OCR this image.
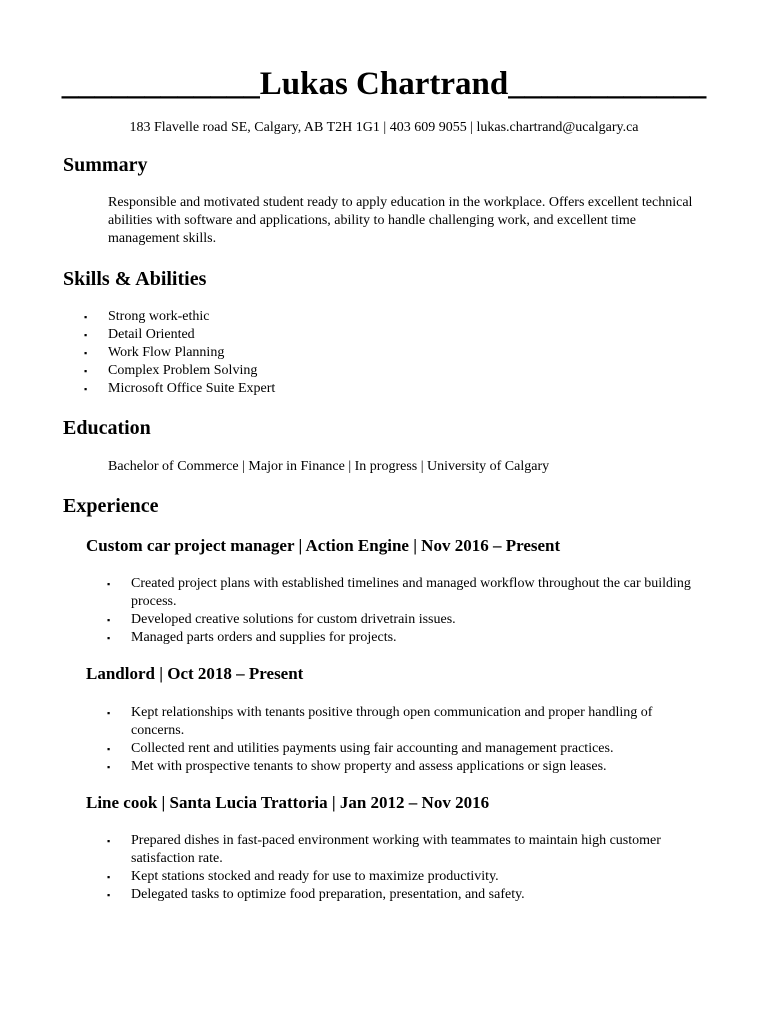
____________Lukas Chartrand____________
183 Flavelle road SE, Calgary, AB T2H 1G1 | 403 609 9055 | lukas.chartrand@ucalgary.ca
Summary

Responsible and motivated student ready to apply education in the workplace. Offers excellent technical abilities with software and applications, ability to handle challenging work, and excellent time management skills.

Skills & Abilities
▪ Strong work-ethic
▪ Detail Oriented
▪ Work Flow Planning
▪ Complex Problem Solving
▪ Microsoft Office Suite Expert
Education

Bachelor of Commerce | Major in Finance | In progress | University of Calgary

Experience
Custom car project manager | Action Engine | Nov 2016 – Present
▪ Created project plans with established timelines and managed workflow throughout the car building process.
▪ Developed creative solutions for custom drivetrain issues.
▪ Managed parts orders and supplies for projects.
Landlord | Oct 2018 – Present
▪ Kept relationships with tenants positive through open communication and proper handling of concerns.
▪ Collected rent and utilities payments using fair accounting and management practices.
▪ Met with prospective tenants to show property and assess applications or sign leases.
Line cook | Santa Lucia Trattoria | Jan 2012 – Nov 2016
▪ Prepared dishes in fast-paced environment working with teammates to maintain high customer satisfaction rate.
▪ Kept stations stocked and ready for use to maximize productivity.
▪ Delegated tasks to optimize food preparation, presentation, and safety.
